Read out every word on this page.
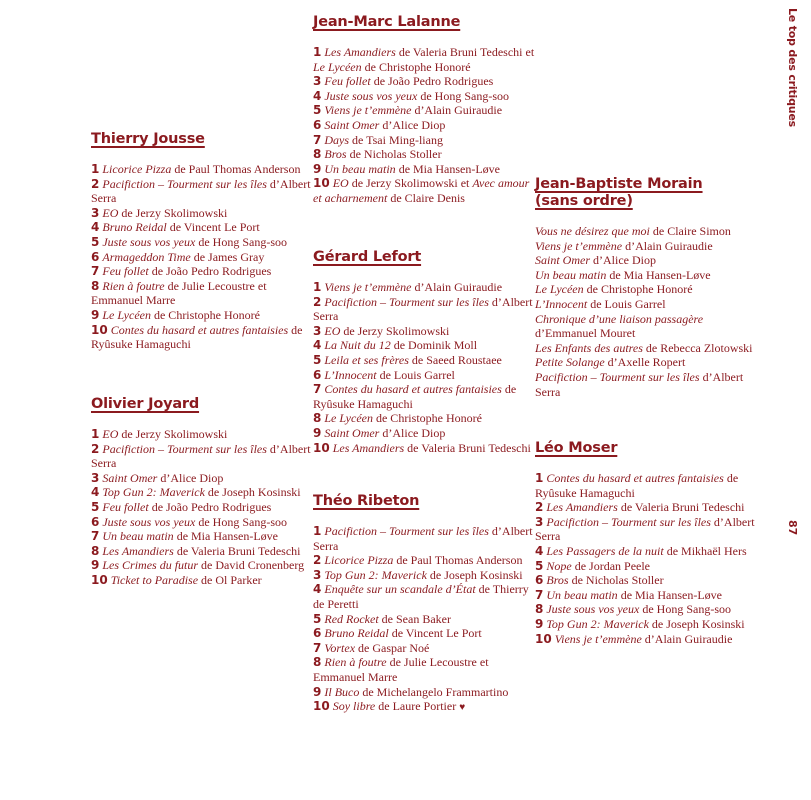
Thierry Jousse
1 Licorice Pizza de Paul Thomas Anderson
2 Pacifiction – Tourment sur les îles d’Albert Serra
3 EO de Jerzy Skolimowski
4 Bruno Reidal de Vincent Le Port
5 Juste sous vos yeux de Hong Sang-soo
6 Armageddon Time de James Gray
7 Feu follet de João Pedro Rodrigues
8 Rien à foutre de Julie Lecoustre et Emmanuel Marre
9 Le Lycéen de Christophe Honoré
10 Contes du hasard et autres fantaisies de Ryûsuke Hamaguchi
Olivier Joyard
1 EO de Jerzy Skolimowski
2 Pacifiction – Tourment sur les îles d’Albert Serra
3 Saint Omer d’Alice Diop
4 Top Gun 2: Maverick de Joseph Kosinski
5 Feu follet de João Pedro Rodrigues
6 Juste sous vos yeux de Hong Sang-soo
7 Un beau matin de Mia Hansen-Løve
8 Les Amandiers de Valeria Bruni Tedeschi
9 Les Crimes du futur de David Cronenberg
10 Ticket to Paradise de Ol Parker
Jean-Marc Lalanne
1 Les Amandiers de Valeria Bruni Tedeschi et Le Lycéen de Christophe Honoré
3 Feu follet de João Pedro Rodrigues
4 Juste sous vos yeux de Hong Sang-soo
5 Viens je t’emmène d’Alain Guiraudie
6 Saint Omer d’Alice Diop
7 Days de Tsai Ming-liang
8 Bros de Nicholas Stoller
9 Un beau matin de Mia Hansen-Løve
10 EO de Jerzy Skolimowski et Avec amour et acharnement de Claire Denis
Gérard Lefort
1 Viens je t’emmène d’Alain Guiraudie
2 Pacifiction – Tourment sur les îles d’Albert Serra
3 EO de Jerzy Skolimowski
4 La Nuit du 12 de Dominik Moll
5 Leila et ses frères de Saeed Roustaee
6 L’Innocent de Louis Garrel
7 Contes du hasard et autres fantaisies de Ryûsuke Hamaguchi
8 Le Lycéen de Christophe Honoré
9 Saint Omer d’Alice Diop
10 Les Amandiers de Valeria Bruni Tedeschi
Théo Ribeton
1 Pacifiction – Tourment sur les îles d’Albert Serra
2 Licorice Pizza de Paul Thomas Anderson
3 Top Gun 2: Maverick de Joseph Kosinski
4 Enquête sur un scandale d’État de Thierry de Peretti
5 Red Rocket de Sean Baker
6 Bruno Reidal de Vincent Le Port
7 Vortex de Gaspar Noé
8 Rien à foutre de Julie Lecoustre et Emmanuel Marre
9 Il Buco de Michelangelo Frammartino
10 Soy libre de Laure Portier ♥
Jean-Baptiste Morain
(sans ordre)
Vous ne désirez que moi de Claire Simon
Viens je t’emmène d’Alain Guiraudie
Saint Omer d’Alice Diop
Un beau matin de Mia Hansen-Løve
Le Lycéen de Christophe Honoré
L’Innocent de Louis Garrel
Chronique d’une liaison passagère d’Emmanuel Mouret
Les Enfants des autres de Rebecca Zlotowski
Petite Solange d’Axelle Ropert
Pacifiction – Tourment sur les îles d’Albert Serra
Léo Moser
1 Contes du hasard et autres fantaisies de Ryûsuke Hamaguchi
2 Les Amandiers de Valeria Bruni Tedeschi
3 Pacifiction – Tourment sur les îles d’Albert Serra
4 Les Passagers de la nuit de Mikhaël Hers
5 Nope de Jordan Peele
6 Bros de Nicholas Stoller
7 Un beau matin de Mia Hansen-Løve
8 Juste sous vos yeux de Hong Sang-soo
9 Top Gun 2: Maverick de Joseph Kosinski
10 Viens je t’emmène d’Alain Guiraudie
Le top des critiques
87
